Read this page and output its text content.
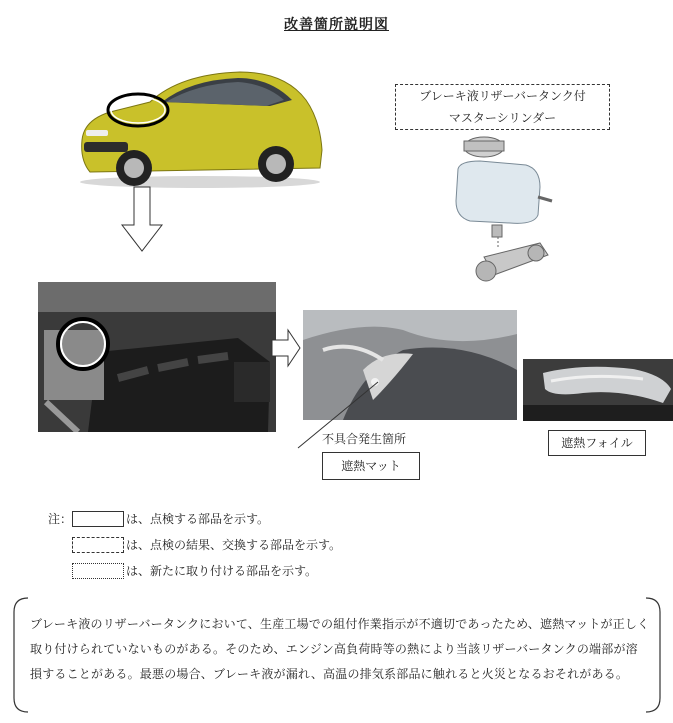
改善箇所説明図
ブレーキ液リザーバータンク付
マスターシリンダー
不具合発生箇所
遮熱マット
遮熱フォイル
注：	は、点検する部品を示す。
は、点検の結果、交換する部品を示す。
は、新たに取り付ける部品を示す。
ブレーキ液のリザーバータンクにおいて、生産工場での組付作業指示が不適切であったため、遮熱マットが正しく取り付けられていないものがある。そのため、エンジン高負荷時等の熱により当該リザーバータンクの端部が溶損することがある。最悪の場合、ブレーキ液が漏れ、高温の排気系部品に触れると火災となるおそれがある。
